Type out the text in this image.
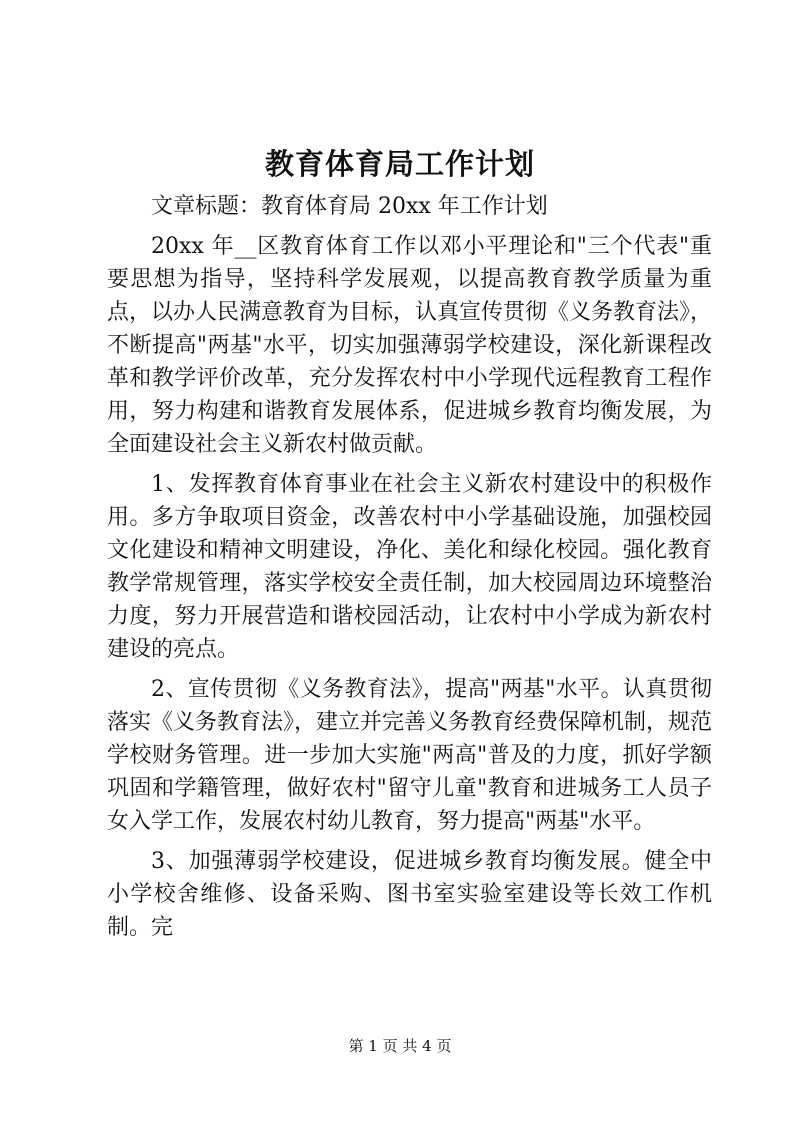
教育体育局工作计划

文章标题：教育体育局 20xx 年工作计划

20xx 年__区教育体育工作以邓小平理论和"三个代表"重要思想为指导，坚持科学发展观，以提高教育教学质量为重点，以办人民满意教育为目标，认真宣传贯彻《义务教育法》，不断提高"两基"水平，切实加强薄弱学校建设，深化新课程改革和教学评价改革，充分发挥农村中小学现代远程教育工程作用，努力构建和谐教育发展体系，促进城乡教育均衡发展，为全面建设社会主义新农村做贡献。

1、发挥教育体育事业在社会主义新农村建设中的积极作用。多方争取项目资金，改善农村中小学基础设施，加强校园文化建设和精神文明建设，净化、美化和绿化校园。强化教育教学常规管理，落实学校安全责任制，加大校园周边环境整治力度，努力开展营造和谐校园活动，让农村中小学成为新农村建设的亮点。

2、宣传贯彻《义务教育法》，提高"两基"水平。认真贯彻落实《义务教育法》，建立并完善义务教育经费保障机制，规范学校财务管理。进一步加大实施"两高"普及的力度，抓好学额巩固和学籍管理，做好农村"留守儿童"教育和进城务工人员子女入学工作，发展农村幼儿教育，努力提高"两基"水平。

3、加强薄弱学校建设，促进城乡教育均衡发展。健全中小学校舍维修、设备采购、图书室实验室建设等长效工作机制。完

第 1 页 共 4 页
